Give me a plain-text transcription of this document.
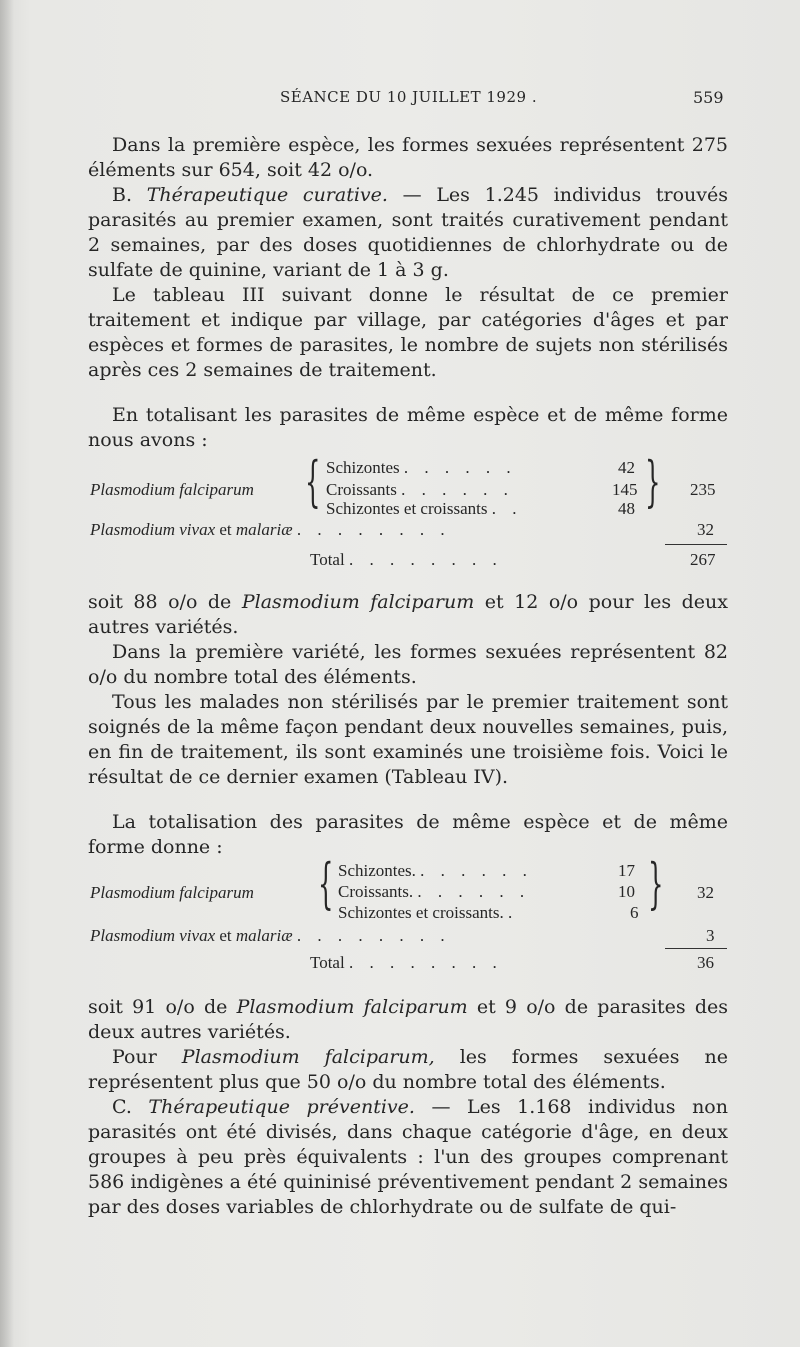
SÉANCE DU 10 JUILLET 1929 .	559

Dans la première espèce, les formes sexuées représentent 275 éléments sur 654, soit 42 o/o.

B. Thérapeutique curative. — Les 1.245 individus trouvés parasités au premier examen, sont traités curativement pendant 2 semaines, par des doses quotidiennes de chlorhydrate ou de sulfate de quinine, variant de 1 à 3 g.

Le tableau III suivant donne le résultat de ce premier traitement et indique par village, par catégories d'âges et par espèces et formes de parasites, le nombre de sujets non stérilisés après ces 2 semaines de traitement.

En totalisant les parasites de même espèce et de même forme nous avons :

Plasmodium falciparum { Schizontes . . . . . .	42
Croissants . . . . . .	145
Schizontes et croissants . .	48 } 235
Plasmodium vivax et malariæ . . . . . . . .	32
Total . . . . . . . .	267

soit 88 o/o de Plasmodium falciparum et 12 o/o pour les deux autres variétés.

Dans la première variété, les formes sexuées représentent 82 o/o du nombre total des éléments.

Tous les malades non stérilisés par le premier traitement sont soignés de la même façon pendant deux nouvelles semaines, puis, en fin de traitement, ils sont examinés une troisième fois. Voici le résultat de ce dernier examen (Tableau IV).

La totalisation des parasites de même espèce et de même forme donne :

Plasmodium falciparum { Schizontes. . . . . . .	17
Croissants. . . . . . .	10
Schizontes et croissants. .	6 } 32
Plasmodium vivax et malariæ . . . . . . . .	3
Total . . . . . . . .	36

soit 91 o/o de Plasmodium falciparum et 9 o/o de parasites des deux autres variétés.

Pour Plasmodium falciparum, les formes sexuées ne représentent plus que 50 o/o du nombre total des éléments.

C. Thérapeutique préventive. — Les 1.168 individus non parasités ont été divisés, dans chaque catégorie d'âge, en deux groupes à peu près équivalents : l'un des groupes comprenant 586 indigènes a été quininisé préventivement pendant 2 semaines par des doses variables de chlorhydrate ou de sulfate de qui-
